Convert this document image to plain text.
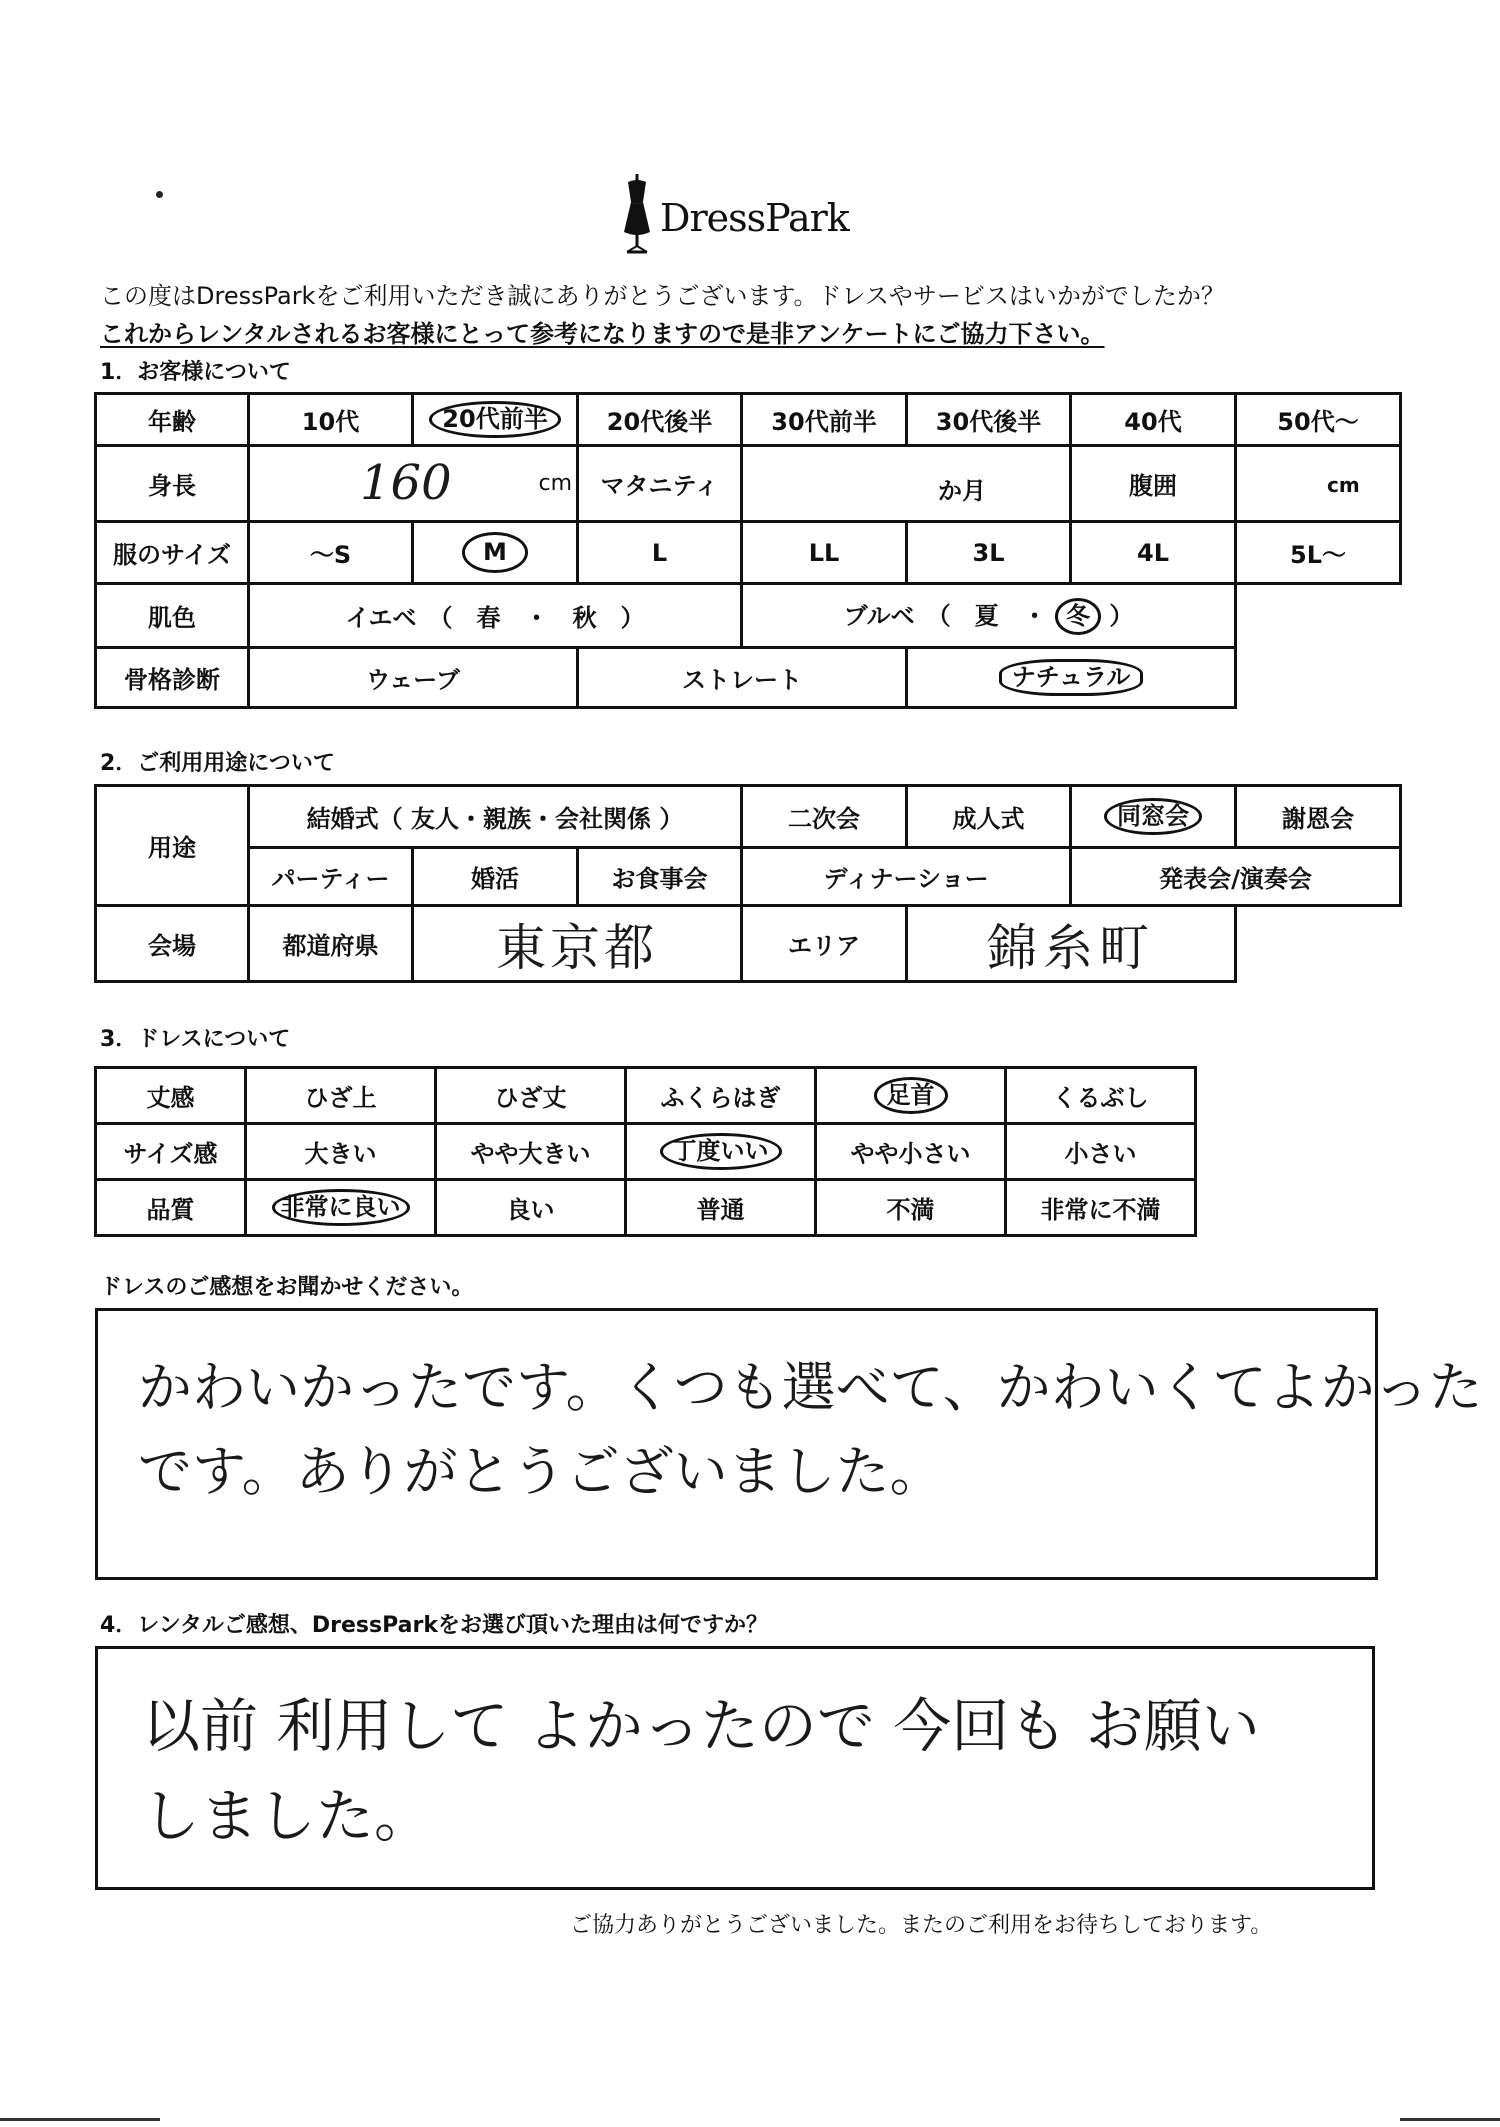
DressPark
この度はDressParkをご利用いただき誠にありがとうございます。ドレスやサービスはいかがでしたか？
これからレンタルされるお客様にとって参考になりますので是非アンケートにご協力下さい。
1．お客様について
年齢	10代	20代前半	20代後半	30代前半	30代後半	40代	50代～
身長	160 cm		マタニティ	か月		腹囲	cm

服のサイズ	～S	M	L	LL	3L	4L	5L～
肌色	イエベ　（　春　・　秋　）			ブルベ　（　夏　・ 冬 ）			
骨格診断	ウェーブ		ストレート		ナチュラル		
2．ご利用用途について
用途	結婚式（ 友人・親族・会社関係 ）			二次会	成人式	同窓会	謝恩会
	パーティー	婚活	お食事会	ディナーショー		発表会/演奏会	
会場	都道府県	東京都		エリア	錦糸町		
3．ドレスについて
丈感	ひざ上	ひざ丈	ふくらはぎ	足首	くるぶし
サイズ感	大きい	やや大きい	丁度いい	やや小さい	小さい
品質	非常に良い	良い	普通	不満	非常に不満
ドレスのご感想をお聞かせください。
かわいかったです。くつも選べて、かわいくてよかった
です。ありがとうございました。
4．レンタルご感想、DressParkをお選び頂いた理由は何ですか？
以前 利用して よかったので 今回も お願い
しました。
ご協力ありがとうございました。またのご利用をお待ちしております。
